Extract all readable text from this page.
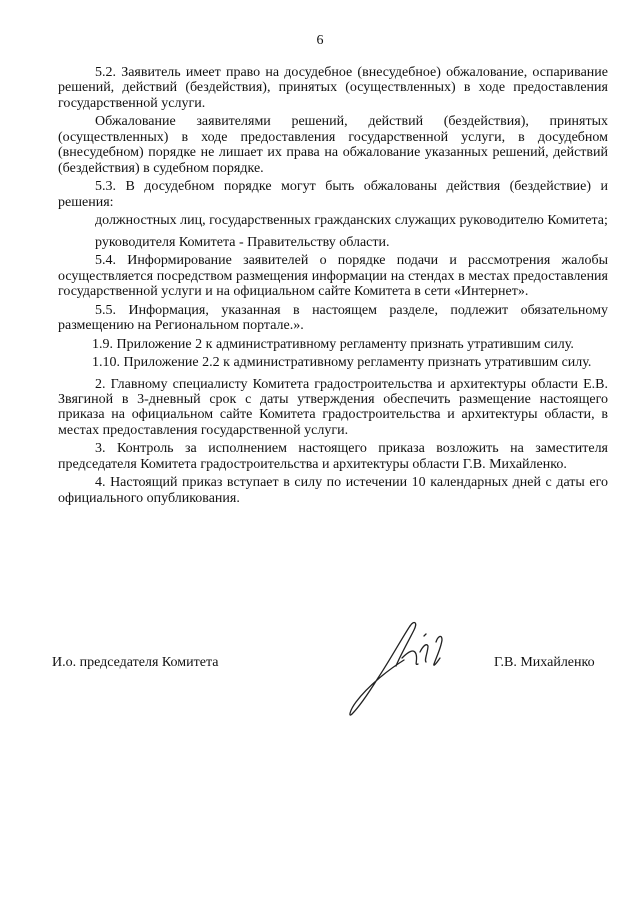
6

5.2. Заявитель имеет право на досудебное (внесудебное) обжалование, оспаривание решений, действий (бездействия), принятых (осуществленных) в ходе предоставления государственной услуги.

Обжалование заявителями решений, действий (бездействия), принятых (осуществленных) в ходе предоставления государственной услуги, в досудебном (внесудебном) порядке не лишает их права на обжалование указанных решений, действий (бездействия) в судебном порядке.

5.3. В досудебном порядке могут быть обжалованы действия (бездействие) и решения:

должностных лиц, государственных гражданских служащих руководителю Комитета;

руководителя Комитета - Правительству области.

5.4. Информирование заявителей о порядке подачи и рассмотрения жалобы осуществляется посредством размещения информации на стендах в местах предоставления государственной услуги и на официальном сайте Комитета в сети «Интернет».

5.5. Информация, указанная в настоящем разделе, подлежит обязательному размещению на Региональном портале.».

1.9. Приложение 2 к административному регламенту признать утратившим силу.

1.10. Приложение 2.2 к административному регламенту признать утратившим силу.

2. Главному специалисту Комитета градостроительства и архитектуры области Е.В. Звягиной в 3-дневный срок с даты утверждения обеспечить размещение настоящего приказа на официальном сайте Комитета градостроительства и архитектуры области, в местах предоставления государственной услуги.

3. Контроль за исполнением настоящего приказа возложить на заместителя председателя Комитета градостроительства и архитектуры области Г.В. Михайленко.

4. Настоящий приказ вступает в силу по истечении 10 календарных дней с даты его официального опубликования.

И.о. председателя Комитета	Г.В. Михайленко
